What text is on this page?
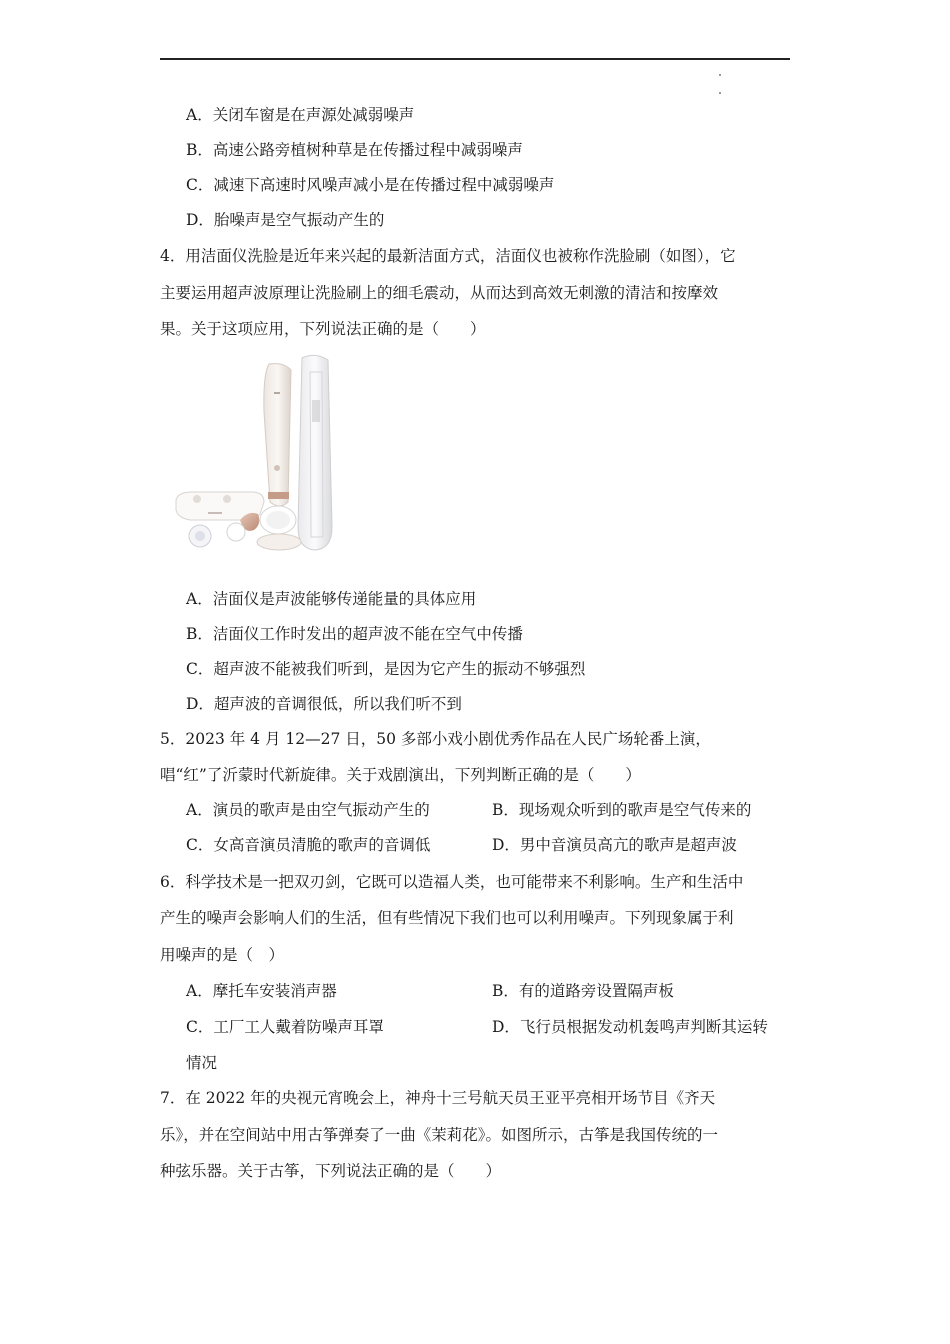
A．关闭车窗是在声源处减弱噪声
B．高速公路旁植树种草是在传播过程中减弱噪声
C．减速下高速时风噪声减小是在传播过程中减弱噪声
D．胎噪声是空气振动产生的
4．用洁面仪洗脸是近年来兴起的最新洁面方式，洁面仪也被称作洗脸刷（如图），它
主要运用超声波原理让洗脸刷上的细毛震动，从而达到高效无刺激的清洁和按摩效
果。关于这项应用，下列说法正确的是（　　）
A．洁面仪是声波能够传递能量的具体应用
B．洁面仪工作时发出的超声波不能在空气中传播
C．超声波不能被我们听到，是因为它产生的振动不够强烈
D．超声波的音调很低，所以我们听不到
5．2023 年 4 月 12—27 日，50 多部小戏小剧优秀作品在人民广场轮番上演，
唱“红”了沂蒙时代新旋律。关于戏剧演出，下列判断正确的是（　　）
A．演员的歌声是由空气振动产生的	B．现场观众听到的歌声是空气传来的
C．女高音演员清脆的歌声的音调低	D．男中音演员高亢的歌声是超声波
6．科学技术是一把双刃剑，它既可以造福人类，也可能带来不利影响。生产和生活中
产生的噪声会影响人们的生活，但有些情况下我们也可以利用噪声。下列现象属于利
用噪声的是（　）
A．摩托车安装消声器	B．有的道路旁设置隔声板
C．工厂工人戴着防噪声耳罩	D．飞行员根据发动机轰鸣声判断其运转
情况
7．在 2022 年的央视元宵晚会上，神舟十三号航天员王亚平亮相开场节目《齐天
乐》，并在空间站中用古筝弹奏了一曲《茉莉花》。如图所示，古筝是我国传统的一
种弦乐器。关于古筝，下列说法正确的是（　　）
